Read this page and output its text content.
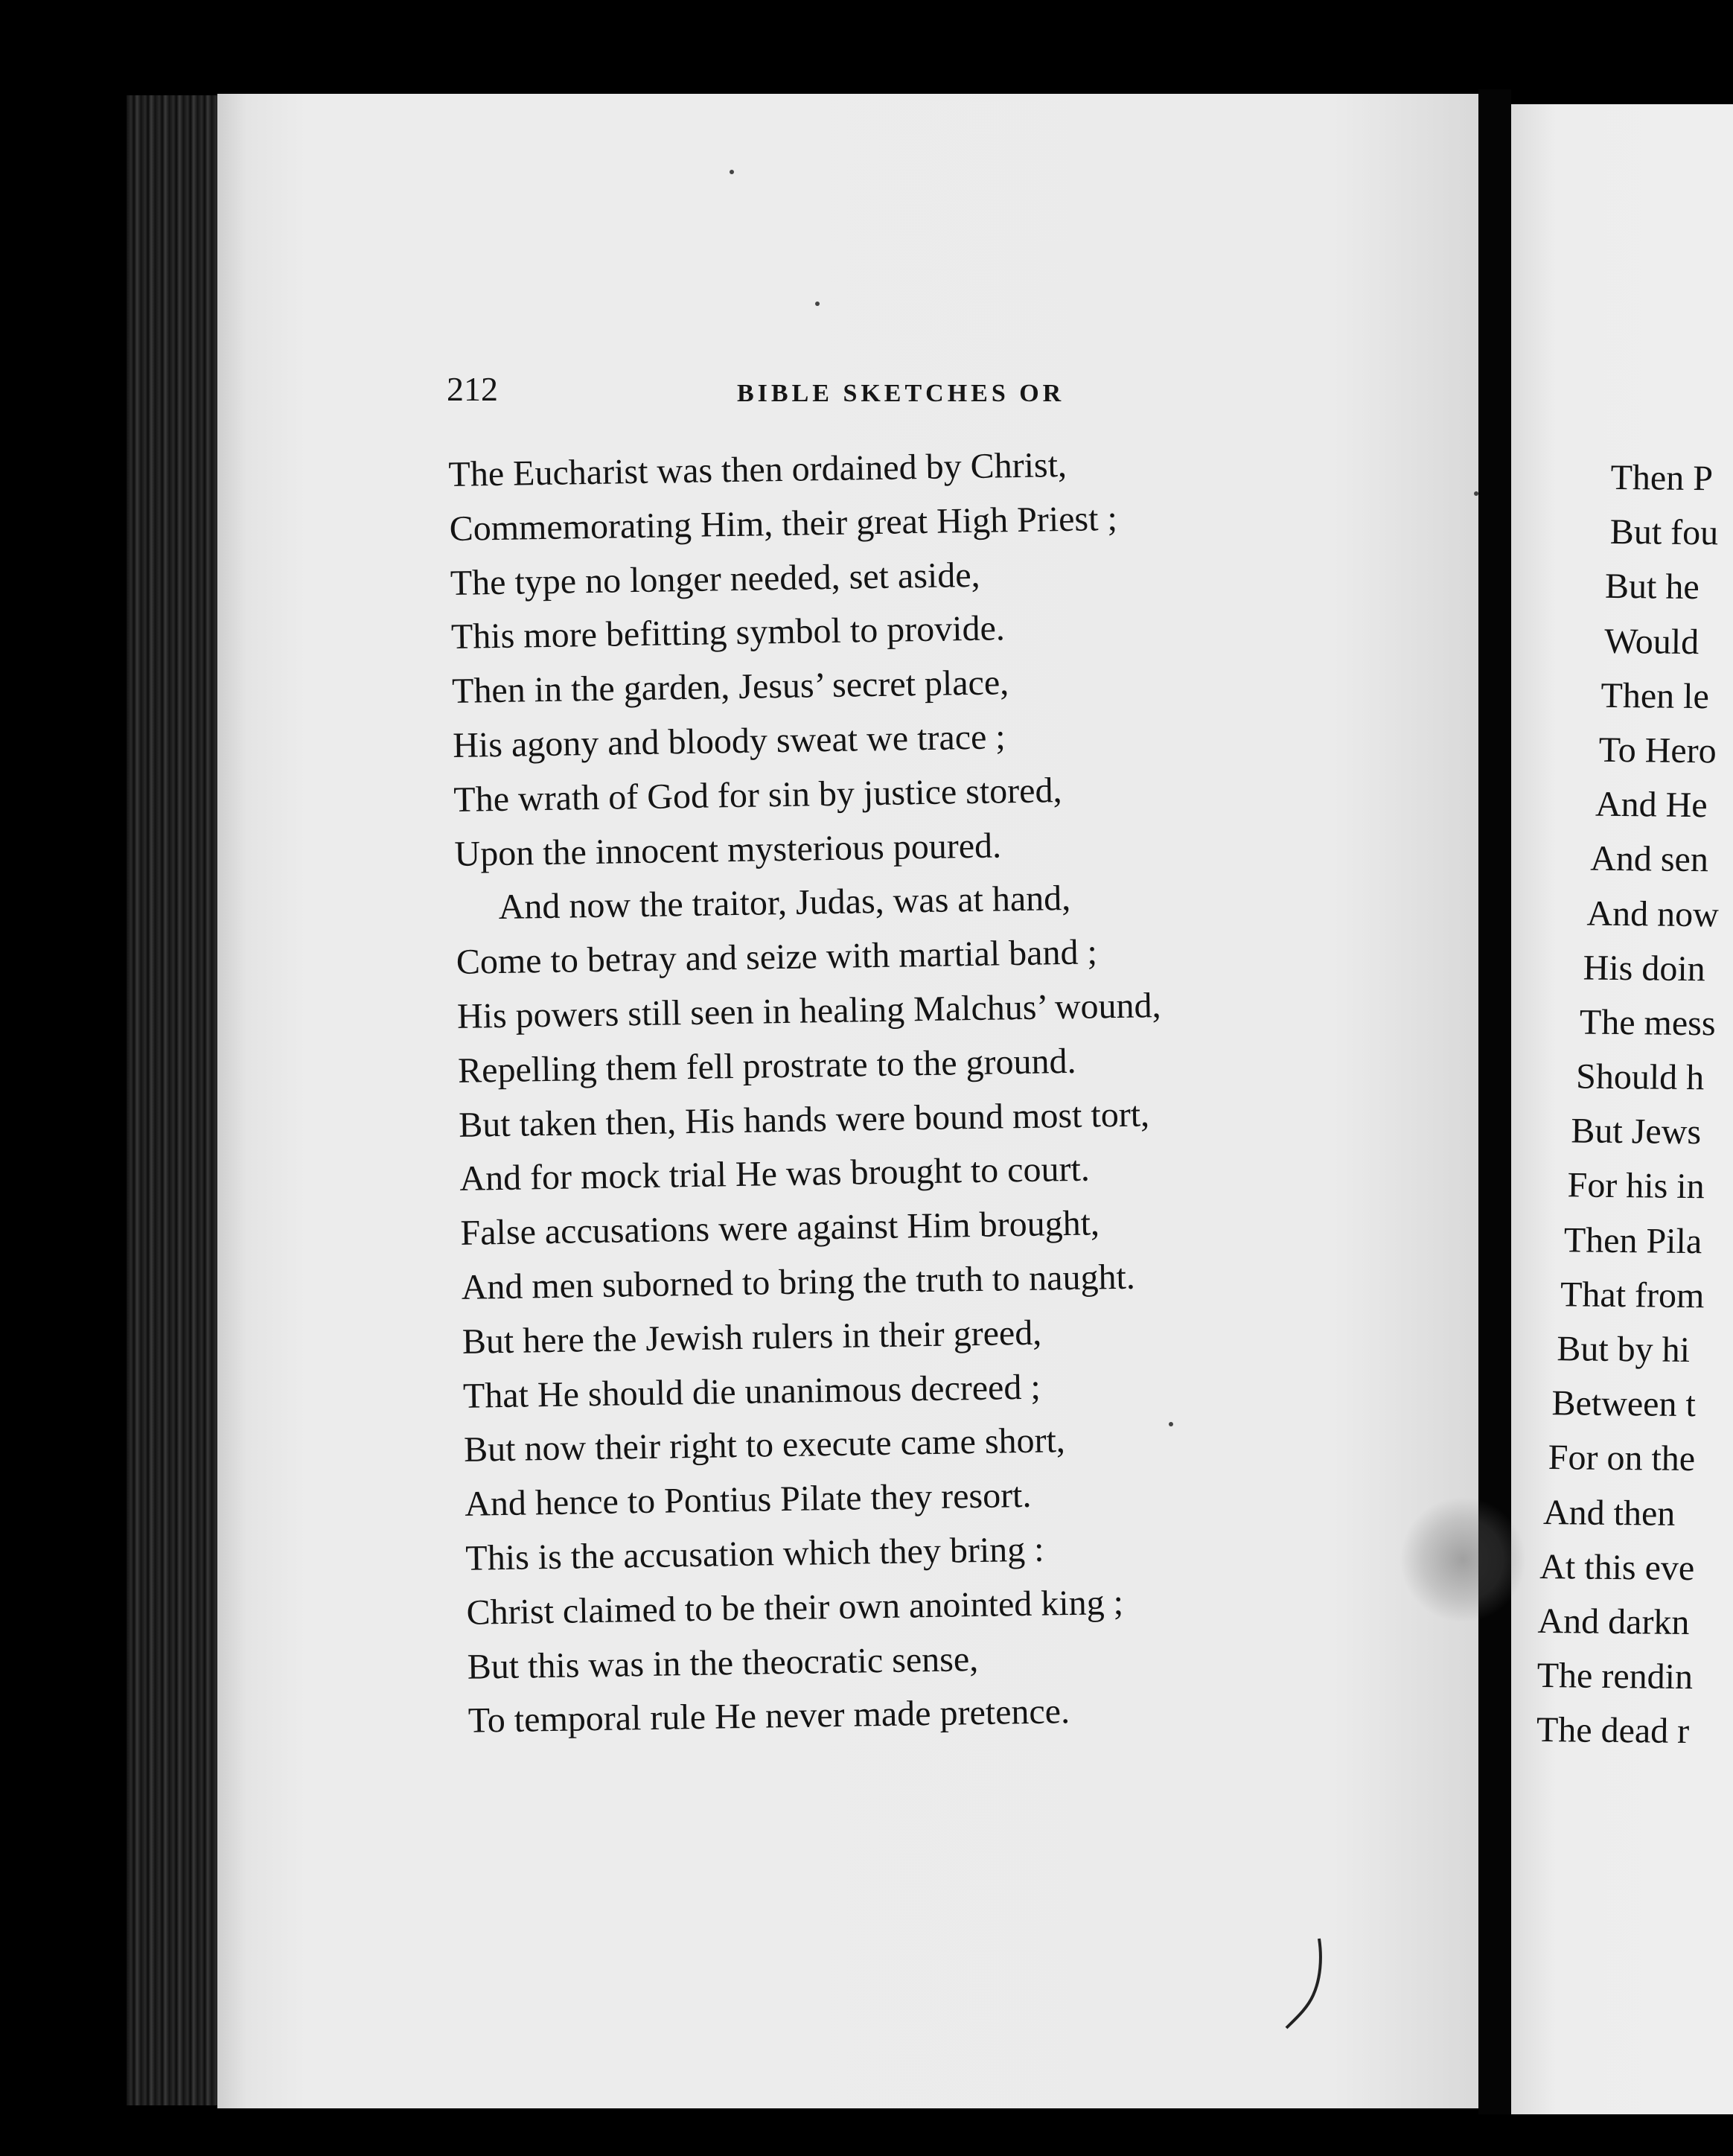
212	BIBLE SKETCHES OR
The Eucharist was then ordained by Christ,
Commemorating Him, their great High Priest ;
The type no longer needed, set aside,
This more befitting symbol to provide.
Then in the garden, Jesus’ secret place,
His agony and bloody sweat we trace ;
The wrath of God for sin by justice stored,
Upon the innocent mysterious poured.
And now the traitor, Judas, was at hand,
Come to betray and seize with martial band ;
His powers still seen in healing Malchus’ wound,
Repelling them fell prostrate to the ground.
But taken then, His hands were bound most tort,
And for mock trial He was brought to court.
False accusations were against Him brought,
And men suborned to bring the truth to naught.
But here the Jewish rulers in their greed,
That He should die unanimous decreed ;
But now their right to execute came short,
And hence to Pontius Pilate they resort.
This is the accusation which they bring :
Christ claimed to be their own anointed king ;
But this was in the theocratic sense,
To temporal rule He never made pretence.
Then P
But fou
But he
Would
Then le
To Hero
And He
And sen
And now
His doin
The mess
Should h
But Jews
For his in
Then Pila
That from
But by hi
Between t
For on the
And then
At this eve
And darkn
The rendin
The dead r
